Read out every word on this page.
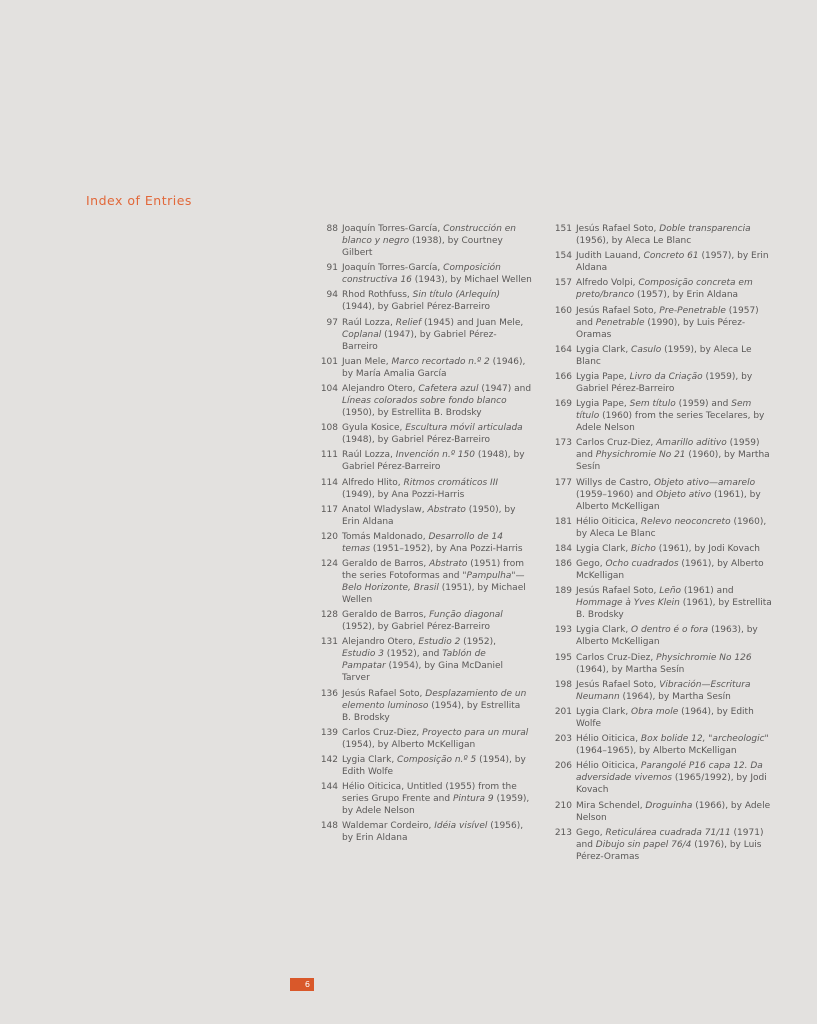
Index of Entries
88 Joaquín Torres-García, Construcción en blanco y negro (1938), by Courtney Gilbert
91 Joaquín Torres-García, Composición constructiva 16 (1943), by Michael Wellen
94 Rhod Rothfuss, Sin título (Arlequín) (1944), by Gabriel Pérez-Barreiro
97 Raúl Lozza, Relief (1945) and Juan Mele, Coplanal (1947), by Gabriel Pérez-Barreiro
101 Juan Mele, Marco recortado n.º 2 (1946), by María Amalia García
104 Alejandro Otero, Cafetera azul (1947) and Líneas colorados sobre fondo blanco (1950), by Estrellita B. Brodsky
108 Gyula Kosice, Escultura móvil articulada (1948), by Gabriel Pérez-Barreiro
111 Raúl Lozza, Invención n.º 150 (1948), by Gabriel Pérez-Barreiro
114 Alfredo Hlito, Ritmos cromáticos III (1949), by Ana Pozzi-Harris
117 Anatol Wladyslaw, Abstrato (1950), by Erin Aldana
120 Tomás Maldonado, Desarrollo de 14 temas (1951–1952), by Ana Pozzi-Harris
124 Geraldo de Barros, Abstrato (1951) from the series Fotoformas and "Pampulha"—Belo Horizonte, Brasil (1951), by Michael Wellen
128 Geraldo de Barros, Função diagonal (1952), by Gabriel Pérez-Barreiro
131 Alejandro Otero, Estudio 2 (1952), Estudio 3 (1952), and Tablón de Pampatar (1954), by Gina McDaniel Tarver
136 Jesús Rafael Soto, Desplazamiento de un elemento luminoso (1954), by Estrellita B. Brodsky
139 Carlos Cruz-Diez, Proyecto para un mural (1954), by Alberto McKelligan
142 Lygia Clark, Composição n.º 5 (1954), by Edith Wolfe
144 Hélio Oiticica, Untitled (1955) from the series Grupo Frente and Pintura 9 (1959), by Adele Nelson
148 Waldemar Cordeiro, Idéia visível (1956), by Erin Aldana
151 Jesús Rafael Soto, Doble transparencia (1956), by Aleca Le Blanc
154 Judith Lauand, Concreto 61 (1957), by Erin Aldana
157 Alfredo Volpi, Composição concreta em preto/branco (1957), by Erin Aldana
160 Jesús Rafael Soto, Pre-Penetrable (1957) and Penetrable (1990), by Luis Pérez-Oramas
164 Lygia Clark, Casulo (1959), by Aleca Le Blanc
166 Lygia Pape, Livro da Criação (1959), by Gabriel Pérez-Barreiro
169 Lygia Pape, Sem título (1959) and Sem título (1960) from the series Tecelares, by Adele Nelson
173 Carlos Cruz-Diez, Amarillo aditivo (1959) and Physichromie No 21 (1960), by Martha Sesín
177 Willys de Castro, Objeto ativo—amarelo (1959–1960) and Objeto ativo (1961), by Alberto McKelligan
181 Hélio Oiticica, Relevo neoconcreto (1960), by Aleca Le Blanc
184 Lygia Clark, Bicho (1961), by Jodi Kovach
186 Gego, Ocho cuadrados (1961), by Alberto McKelligan
189 Jesús Rafael Soto, Leño (1961) and Hommage à Yves Klein (1961), by Estrellita B. Brodsky
193 Lygia Clark, O dentro é o fora (1963), by Alberto McKelligan
195 Carlos Cruz-Diez, Physichromie No 126 (1964), by Martha Sesín
198 Jesús Rafael Soto, Vibración—Escritura Neumann (1964), by Martha Sesín
201 Lygia Clark, Obra mole (1964), by Edith Wolfe
203 Hélio Oiticica, Box bolide 12, "archeologic" (1964–1965), by Alberto McKelligan
206 Hélio Oiticica, Parangolé P16 capa 12. Da adversidade vivemos (1965/1992), by Jodi Kovach
210 Mira Schendel, Droguinha (1966), by Adele Nelson
213 Gego, Reticulárea cuadrada 71/11 (1971) and Dibujo sin papel 76/4 (1976), by Luis Pérez-Oramas
6
